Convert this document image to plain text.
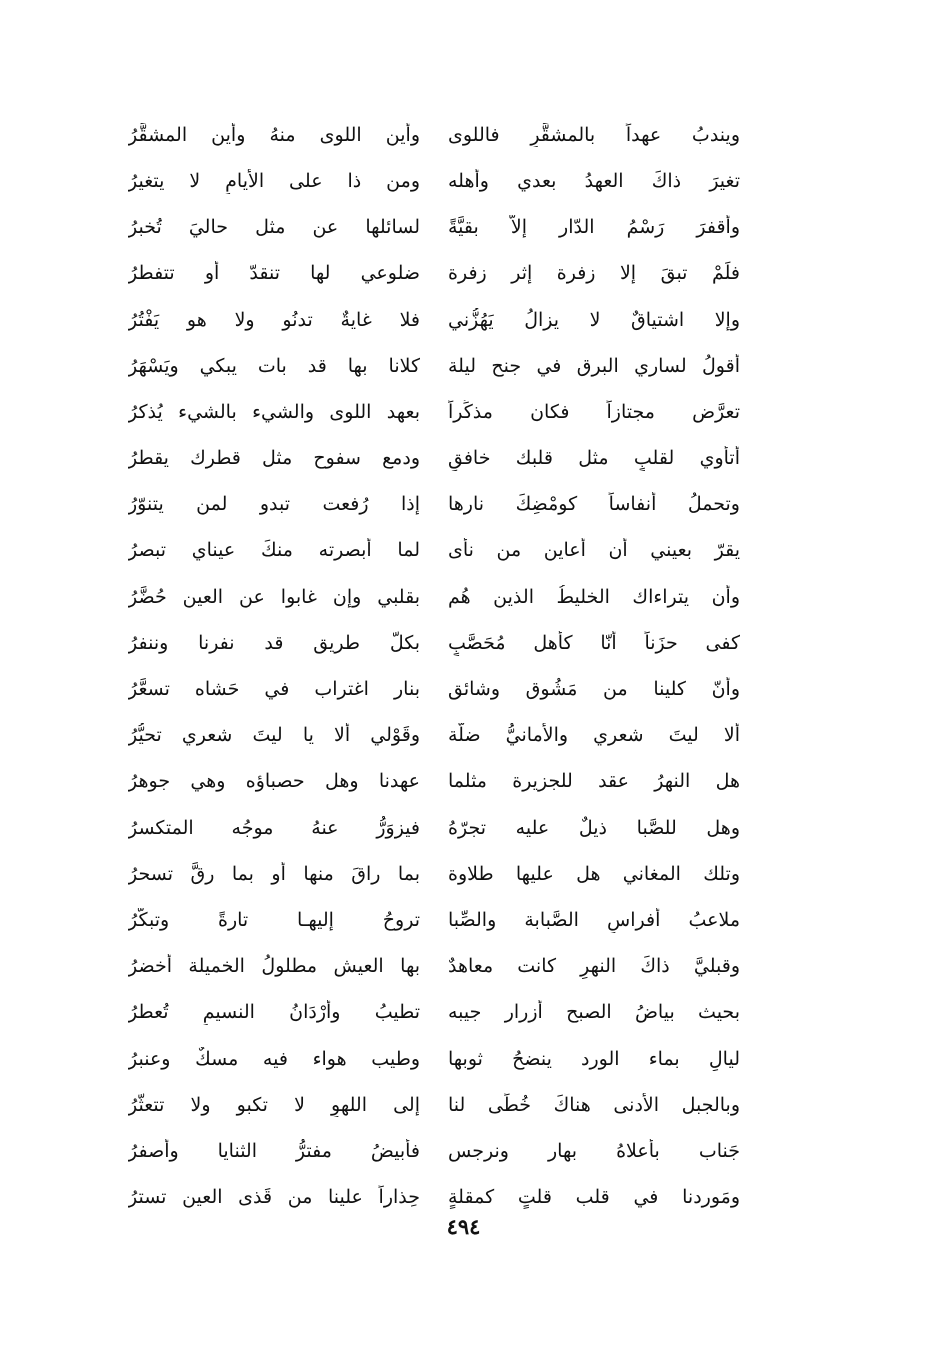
ويندبُ عهداً بالمشقَّرِ فاللوى
وأين اللوى منهُ وأين المشقَّرُ
تغيرَ ذاكَ العهدُ بعدي وأهله
ومن ذا على الأيامِ لا يتغيرُ
وأقفرَ رَسْمُ الدّار إلاّ بقيَّةً
لسائلها عن مثل حاليَ تُخبرُ
فلَمْ تبقَ إلا زفرة إثر زفرة
ضلوعي لها تنقدّ أو تتفطرُ
وإلا اشتياقٌ لا يزالُ يَهُزُّني
فلا غايةٌ تدنُو ولا هو يَفْتُرُ
أقولُ لساري البرق في جنح ليلة
كلانا بها قد بات يبكي ويَسْهَرُ
تعرَّض مجتازاً فكان مذكِّراً
بعهد اللوى والشيء بالشيء يُذكرُ
أتأوي لقلبٍ مثل قلبك خافقٍ
ودمع سفوح مثل قطرك يقطرُ
وتحملُ أنفاساً كومْضِكَ نارها
إذا رُفعت تبدو لمن يتنوّرُ
يقرّ بعيني أن أُعاين من نأى
لما أبصرته منكَ عيناي تبصرُ
وأن يتراءاك الخليطُ الذين هُم
بقلبي وإن غابوا عن العينِ حُضَّرُ
كفى حزَناً أنّا كأهل مُحَصَّبٍ
بكلّ طريق قد نفرنا وننفرُ
وأنّ كلينا من مَشُوق وشائق
بنار اغتراب في حَشاه تسعَّرُ
ألا ليتَ شعري والأمانيُّ ضلّة
وقَوْلي ألا يا ليتَ شعري تحيُّرُ
هل النهرُ عقد للجزيرة مثلما
عهدنا وهل حصباؤه وهي جوهرُ
وهل للصَّبا ذيلٌ عليه تجرّهُ
فيزوَرُّ عنهُ موجُه المتكسرُ
وتلك المغاني هل عليها طلاوة
بما راقَ منها أو بما رقَّ تسحرُ
ملاعبُ أفراسِ الصَّبابة والصِّبا
تروحُ إليهـا تارةً وتبكّرُ
وقبليَّ ذاكَ النهرِ كانت معاهدٌ
بها العيش مطلولُ الخميلة أخضرُ
بحيث بياضُ الصبح أزرار جيبه
تطيبُ وأرْدَانُ النسيمِ تُعطرُ
ليالٍ بماء الورد ينضحُ ثوبها
وطيب هواء فيه مسكٌ وعنبرُ
وبالجبل الأدنى هناكَ خُطًى لنا
إلى اللهوِ لا تكبو ولا تتعثّرُ
جَناب بأعلاهُ بهار ونرجس
فأبيضُ مفترُّ الثنايا وأصفرُ
ومَوردنا في قلب قلتٍ كمقلةٍ
حِذاراً علينا من قَذى العين تسترُ
٤٩٤
